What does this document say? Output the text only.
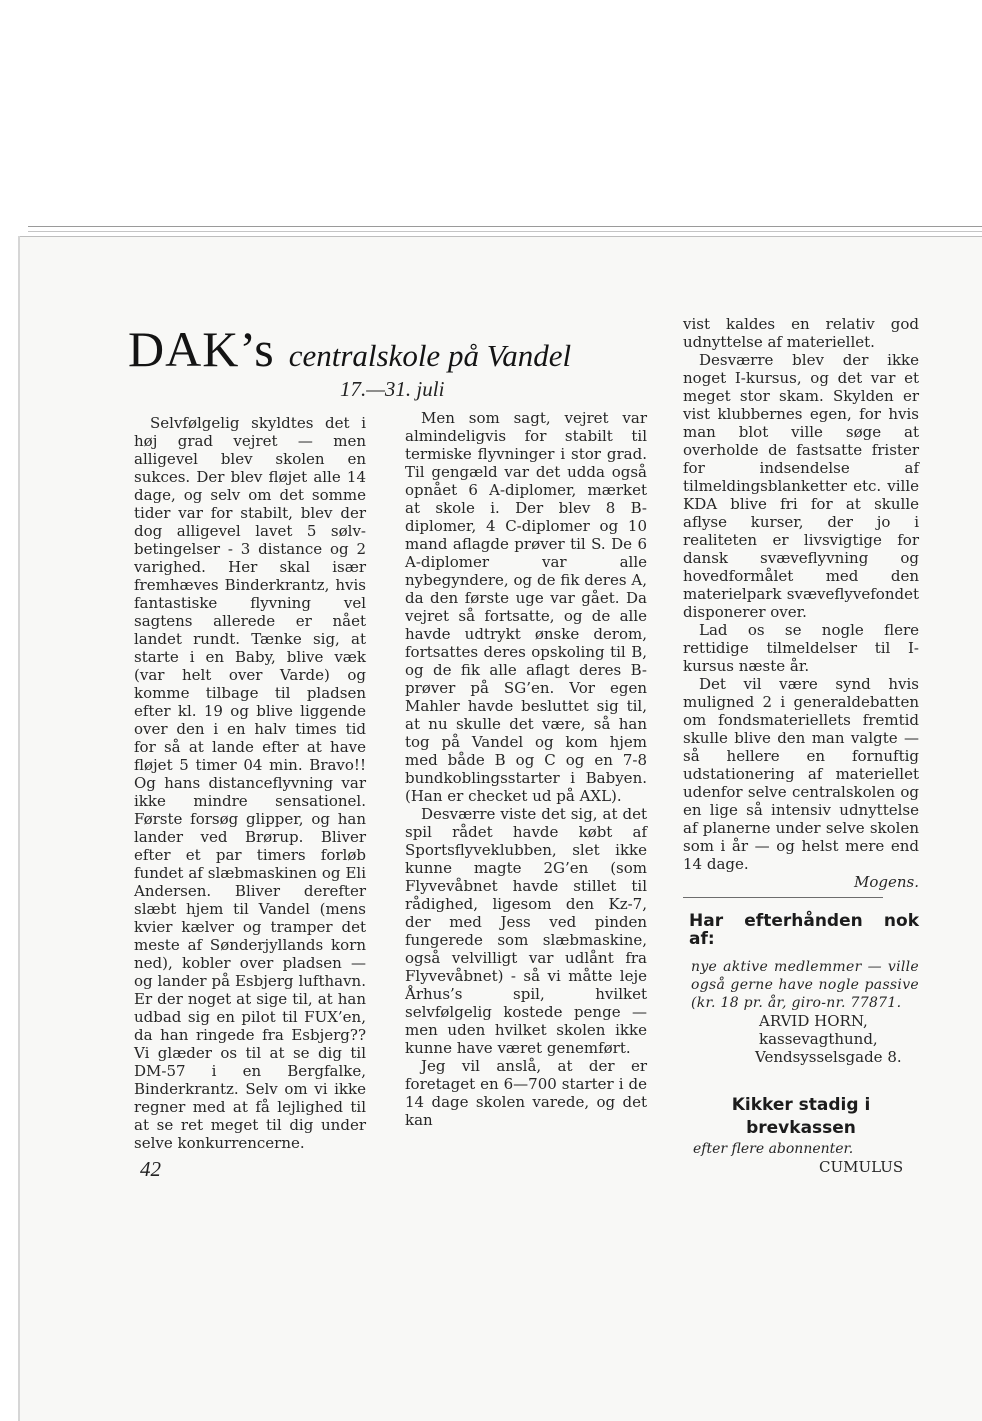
DAK’s centralskole på Vandel
17.—31. juli

Selvfølgelig skyldtes det i høj grad vejret — men alligevel blev skolen en sukces. Der blev fløjet alle 14 dage, og selv om det somme tider var for stabilt, blev der dog alligevel lavet 5 sølv-betingelser - 3 distance og 2 varighed. Her skal især fremhæves Binderkrantz, hvis fantastiske flyvning vel sagtens allerede er nået landet rundt. Tænke sig, at starte i en Baby, blive væk (var helt over Varde) og komme tilbage til pladsen efter kl. 19 og blive liggende over den i en halv times tid for så at lande efter at have fløjet 5 timer 04 min. Bravo!! Og hans distanceflyvning var ikke mindre sensationel. Første forsøg glipper, og han lander ved Brørup. Bliver efter et par timers forløb fundet af slæbmaskinen og Eli Andersen. Bliver derefter slæbt hjem til Vandel (mens kvier kælver og tramper det meste af Sønderjyllands korn ned), kobler over pladsen — og lander på Esbjerg lufthavn. Er der noget at sige til, at han udbad sig en pilot til FUX’en, da han ringede fra Esbjerg?? Vi glæder os til at se dig til DM-57 i en Bergfalke, Binderkrantz. Selv om vi ikke regner med at få lejlighed til at se ret meget til dig under selve konkurrencerne.

Men som sagt, vejret var almindeligvis for stabilt til termiske flyvninger i stor grad. Til gengæld var det udda også opnået 6 A-diplomer, mærket at skole i. Der blev 8 B-diplomer, 4 C-diplomer og 10 mand aflagde prøver til S. De 6 A-diplomer var alle nybegyndere, og de fik deres A, da den første uge var gået. Da vejret så fortsatte, og de alle havde udtrykt ønske derom, fortsattes deres opskoling til B, og de fik alle aflagt deres B-prøver på SG’en. Vor egen Mahler havde besluttet sig til, at nu skulle det være, så han tog på Vandel og kom hjem med både B og C og en 7-8 bundkoblingsstarter i Babyen. (Han er checket ud på AXL).

Desværre viste det sig, at det spil rådet havde købt af Sportsflyveklubben, slet ikke kunne magte 2G’en (som Flyvevåbnet havde stillet til rådighed, ligesom den Kz-7, der med Jess ved pinden fungerede som slæbmaskine, også velvilligt var udlånt fra Flyvevåbnet) - så vi måtte leje Århus’s spil, hvilket selvfølgelig kostede penge — men uden hvilket skolen ikke kunne have været genemført.

Jeg vil anslå, at der er foretaget en 6—700 starter i de 14 dage skolen varede, og det kan

vist kaldes en relativ god udnyttelse af materiellet.

Desværre blev der ikke noget I-kursus, og det var et meget stor skam. Skylden er vist klubbernes egen, for hvis man blot ville søge at overholde de fastsatte frister for indsendelse af tilmeldingsblanketter etc. ville KDA blive fri for at skulle aflyse kurser, der jo i realiteten er livsvigtige for dansk svæveflyvning og hovedformålet med den materielpark svæveflyvefondet disponerer over.

Lad os se nogle flere rettidige tilmeldelser til I-kursus næste år.

Det vil være synd hvis muligned 2 i generaldebatten om fondsmateriellets fremtid skulle blive den man valgte — så hellere en fornuftig udstationering af materiellet udenfor selve centralskolen og en lige så intensiv udnyttelse af planerne under selve skolen som i år — og helst mere end 14 dage.

Mogens.

Har efterhånden nok af:

nye aktive medlemmer — ville også gerne have nogle passive (kr. 18 pr. år, giro-nr. 77871.

ARVID HORN,
kassevagthund,
Vendsysselsgade 8.
Kikker stadig i
brevkassen
efter flere abonnenter.
CUMULUS
42
